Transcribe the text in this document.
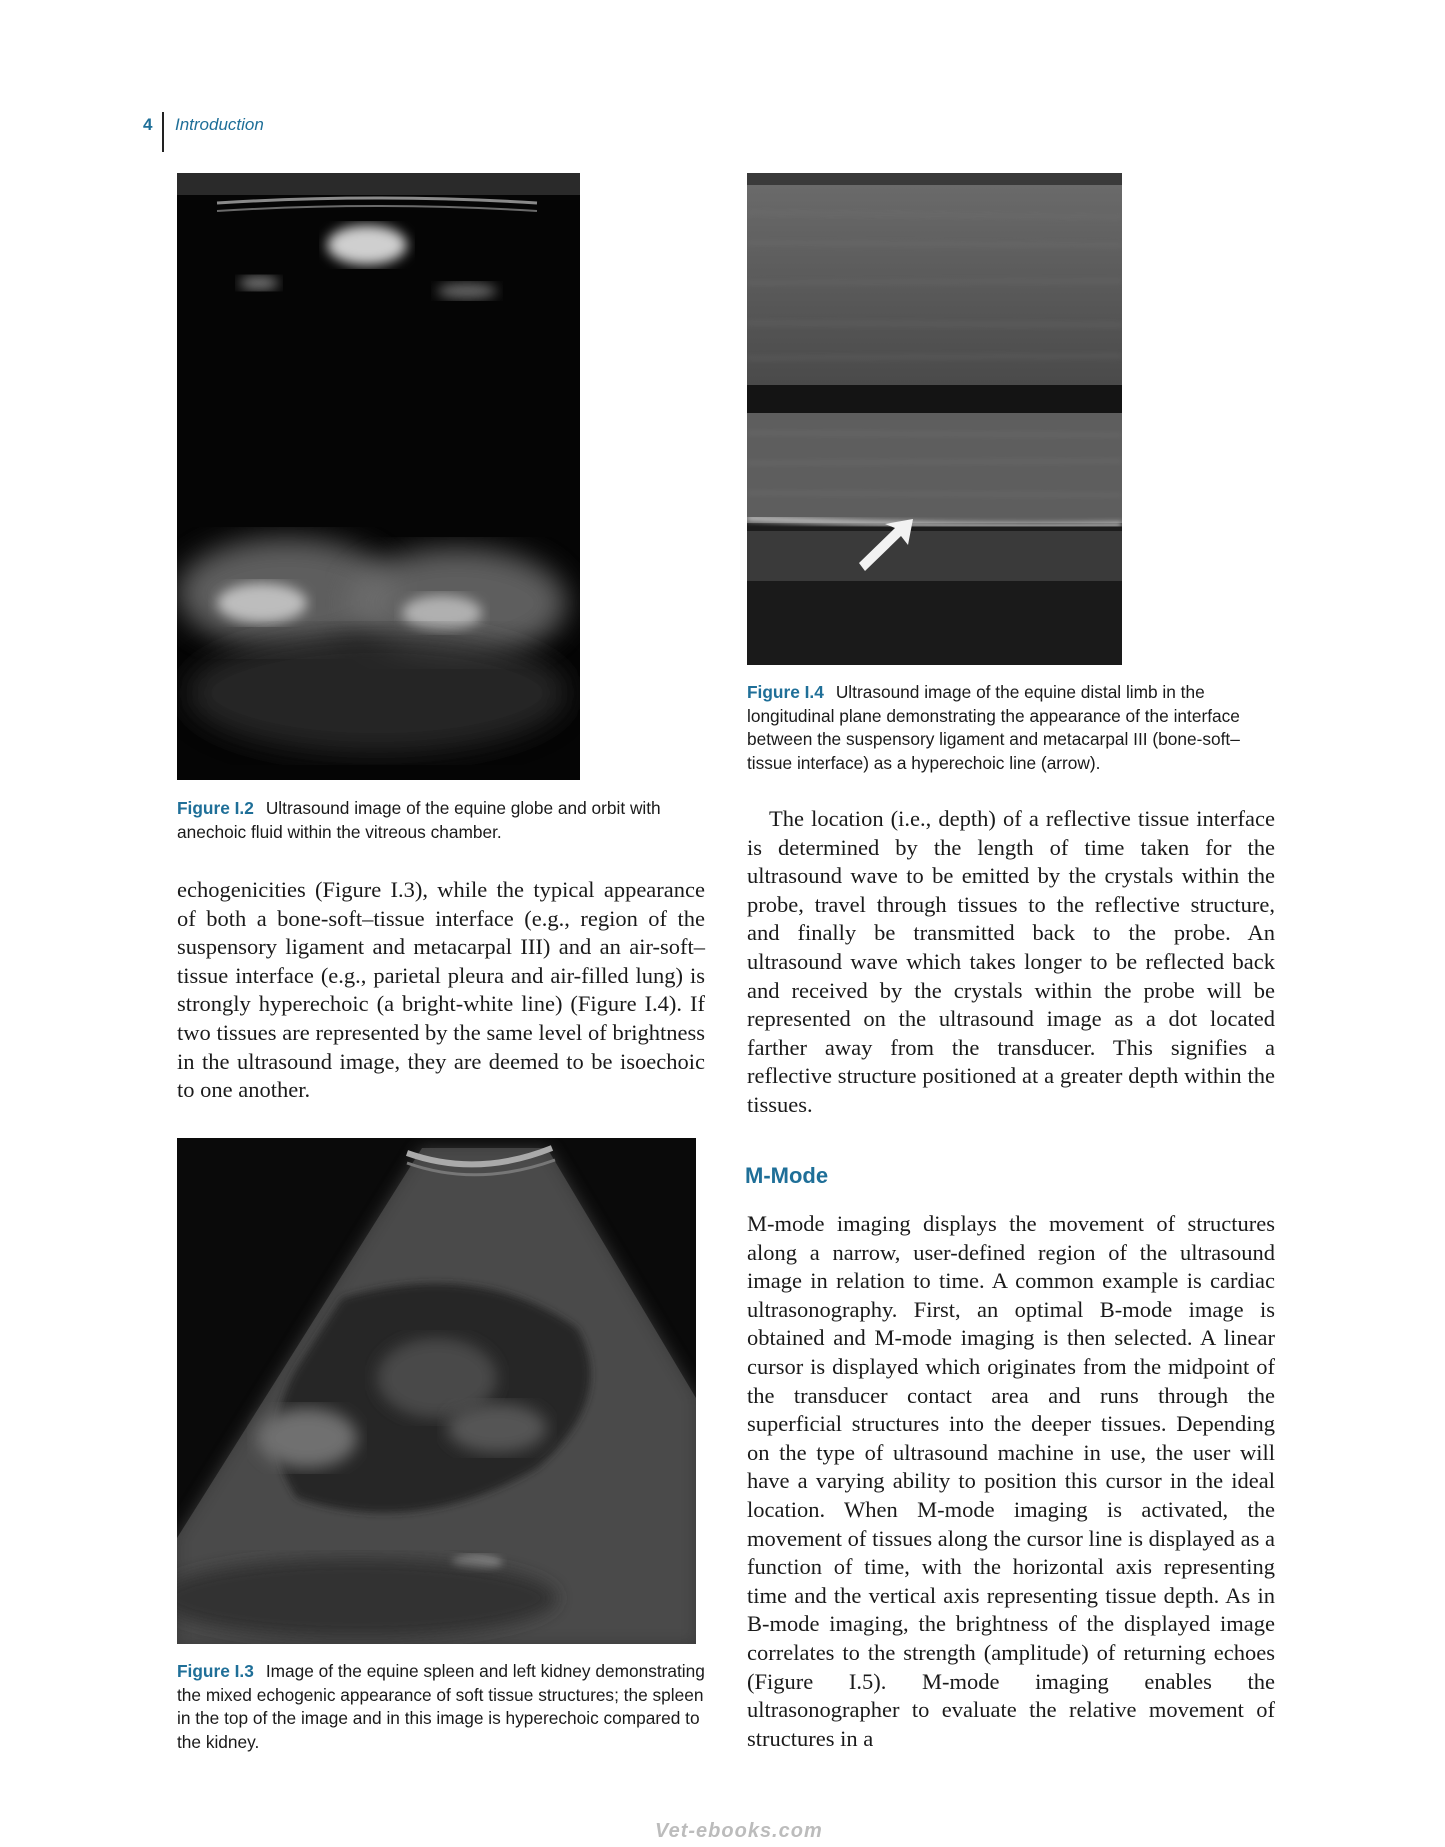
4 Introduction
Figure I.2 Ultrasound image of the equine globe and orbit with anechoic fluid within the vitreous chamber.

echogenicities (Figure I.3), while the typical appearance of both a bone-soft–tissue interface (e.g., region of the suspensory ligament and metacarpal III) and an air-soft–tissue interface (e.g., parietal pleura and air-filled lung) is strongly hyperechoic (a bright-white line) (Figure I.4). If two tissues are represented by the same level of brightness in the ultrasound image, they are deemed to be isoechoic to one another.

Figure I.3 Image of the equine spleen and left kidney demonstrating the mixed echogenic appearance of soft tissue structures; the spleen in the top of the image and in this image is hyperechoic compared to the kidney.
Figure I.4 Ultrasound image of the equine distal limb in the longitudinal plane demonstrating the appearance of the interface between the suspensory ligament and metacarpal III (bone-soft–tissue interface) as a hyperechoic line (arrow).

The location (i.e., depth) of a reflective tissue interface is determined by the length of time taken for the ultrasound wave to be emitted by the crystals within the probe, travel through tissues to the reflective structure, and finally be transmitted back to the probe. An ultrasound wave which takes longer to be reflected back and received by the crystals within the probe will be represented on the ultrasound image as a dot located farther away from the transducer. This signifies a reflective structure positioned at a greater depth within the tissues.

M-Mode

M-mode imaging displays the movement of structures along a narrow, user-defined region of the ultrasound image in relation to time. A common example is cardiac ultrasonography. First, an optimal B-mode image is obtained and M-mode imaging is then selected. A linear cursor is displayed which originates from the midpoint of the transducer contact area and runs through the superficial structures into the deeper tissues. Depending on the type of ultrasound machine in use, the user will have a varying ability to position this cursor in the ideal location. When M-mode imaging is activated, the movement of tissues along the cursor line is displayed as a function of time, with the horizontal axis representing time and the vertical axis representing tissue depth. As in B-mode imaging, the brightness of the displayed image correlates to the strength (amplitude) of returning echoes (Figure I.5). M-mode imaging enables the ultrasonographer to evaluate the relative movement of structures in a

Vet-ebooks.com
